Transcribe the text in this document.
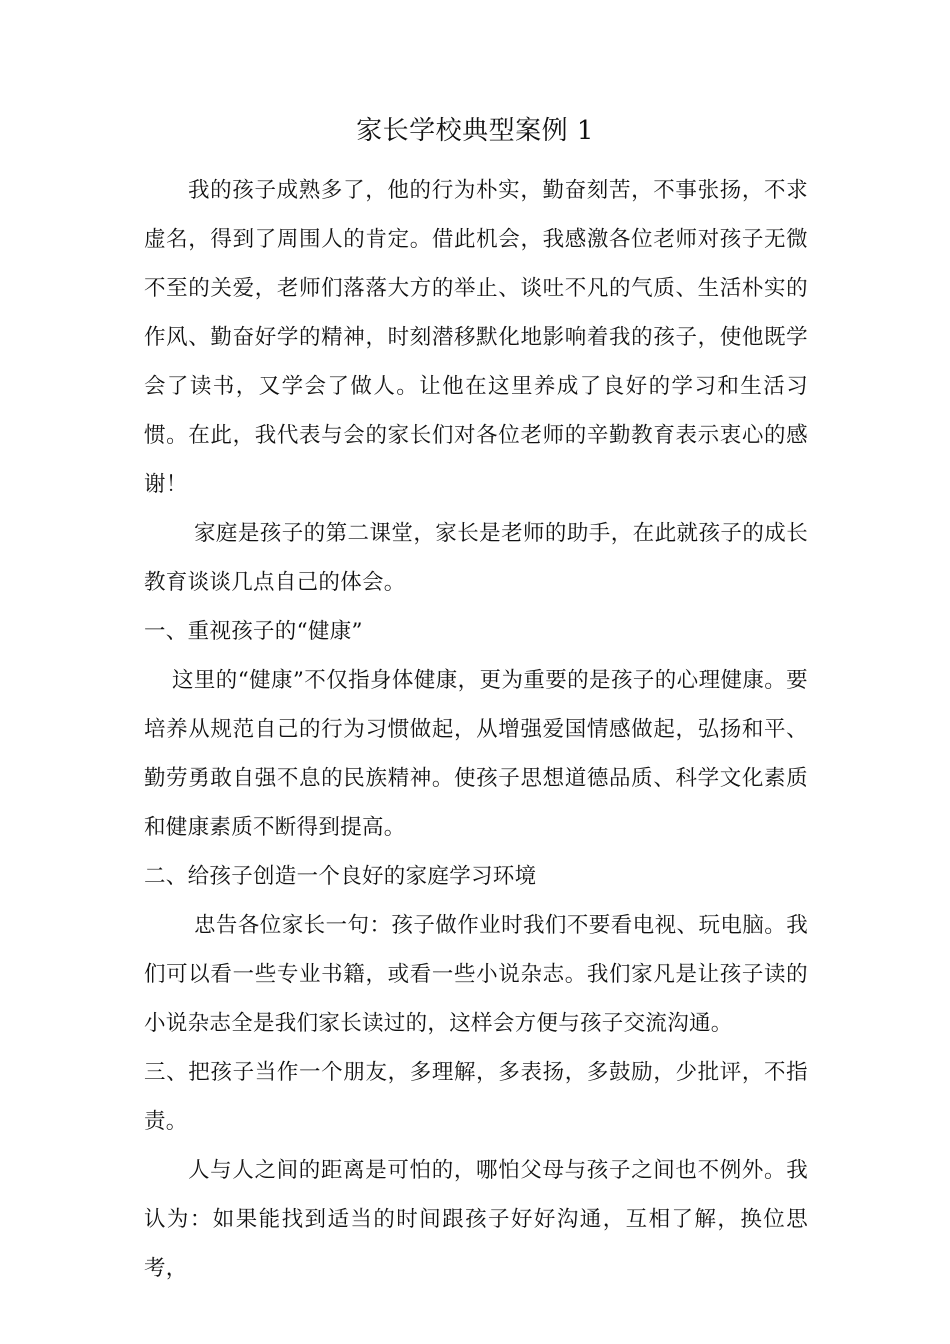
家长学校典型案例 1

我的孩子成熟多了，他的行为朴实，勤奋刻苦，不事张扬，不求虚名，得到了周围人的肯定。借此机会，我感激各位老师对孩子无微不至的关爱，老师们落落大方的举止、谈吐不凡的气质、生活朴实的作风、勤奋好学的精神，时刻潜移默化地影响着我的孩子，使他既学会了读书，又学会了做人。让他在这里养成了良好的学习和生活习惯。在此，我代表与会的家长们对各位老师的辛勤教育表示衷心的感谢！

家庭是孩子的第二课堂，家长是老师的助手，在此就孩子的成长教育谈谈几点自己的体会。

一、重视孩子的“健康”

这里的“健康”不仅指身体健康，更为重要的是孩子的心理健康。要培养从规范自己的行为习惯做起，从增强爱国情感做起，弘扬和平、勤劳勇敢自强不息的民族精神。使孩子思想道德品质、科学文化素质和健康素质不断得到提高。

二、给孩子创造一个良好的家庭学习环境

忠告各位家长一句：孩子做作业时我们不要看电视、玩电脑。我们可以看一些专业书籍，或看一些小说杂志。我们家凡是让孩子读的小说杂志全是我们家长读过的，这样会方便与孩子交流沟通。

三、把孩子当作一个朋友，多理解，多表扬，多鼓励，少批评，不指责。

人与人之间的距离是可怕的，哪怕父母与孩子之间也不例外。我认为：如果能找到适当的时间跟孩子好好沟通，互相了解，换位思考，
